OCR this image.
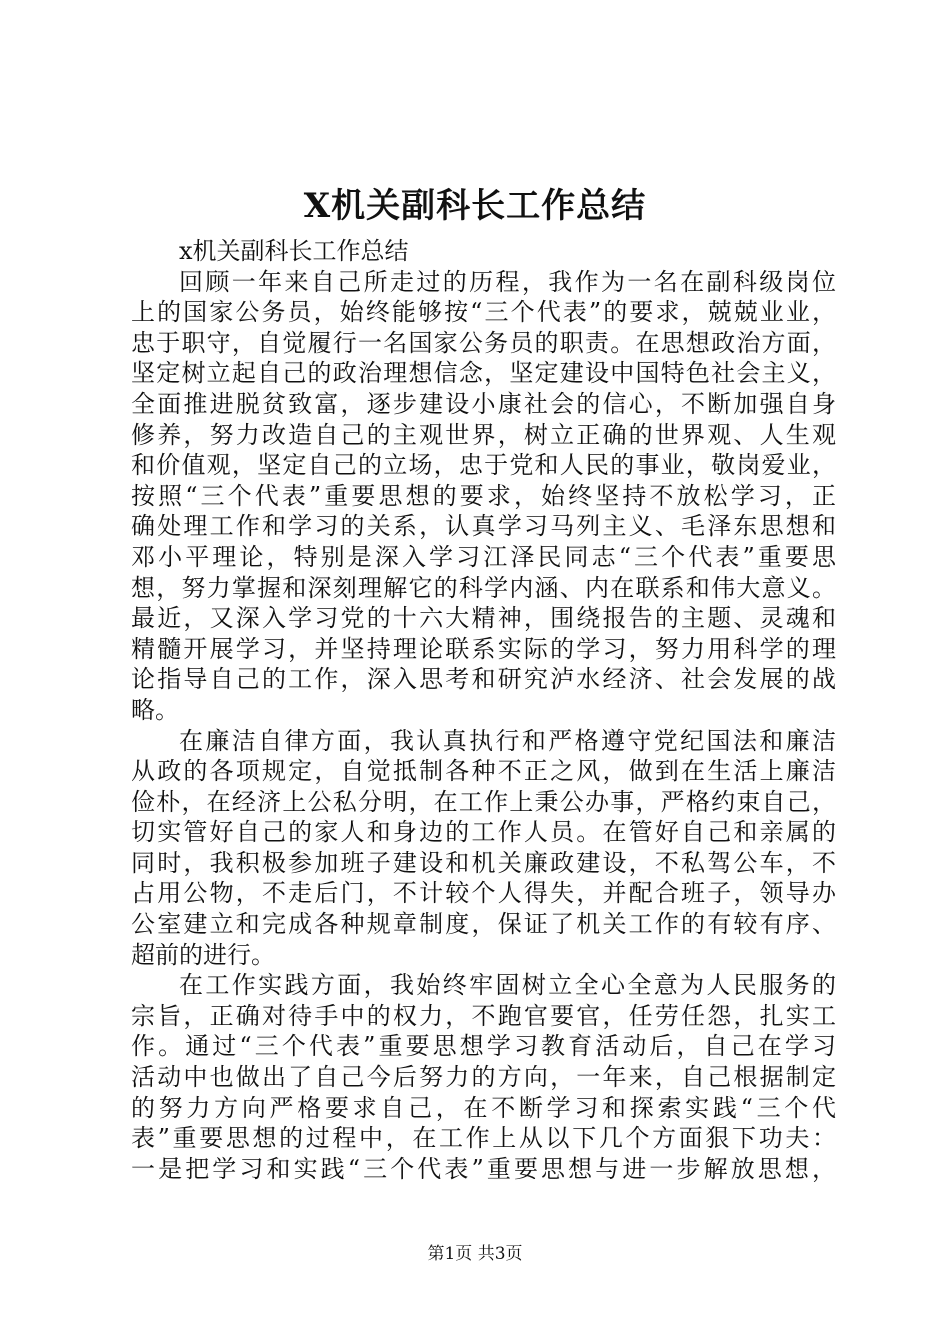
X机关副科长工作总结
x机关副科长工作总结
回顾一年来自己所走过的历程，我作为一名在副科级岗位
上的国家公务员，始终能够按“三个代表”的要求，兢兢业业，
忠于职守，自觉履行一名国家公务员的职责。在思想政治方面，
坚定树立起自己的政治理想信念，坚定建设中国特色社会主义，
全面推进脱贫致富，逐步建设小康社会的信心，不断加强自身
修养，努力改造自己的主观世界，树立正确的世界观、人生观
和价值观，坚定自己的立场，忠于党和人民的事业，敬岗爱业，
按照“三个代表”重要思想的要求，始终坚持不放松学习，正
确处理工作和学习的关系，认真学习马列主义、毛泽东思想和
邓小平理论，特别是深入学习江泽民同志“三个代表”重要思
想，努力掌握和深刻理解它的科学内涵、内在联系和伟大意义。
最近，又深入学习党的十六大精神，围绕报告的主题、灵魂和
精髓开展学习，并坚持理论联系实际的学习，努力用科学的理
论指导自己的工作，深入思考和研究泸水经济、社会发展的战
略。
在廉洁自律方面，我认真执行和严格遵守党纪国法和廉洁
从政的各项规定，自觉抵制各种不正之风，做到在生活上廉洁
俭朴，在经济上公私分明，在工作上秉公办事，严格约束自己，
切实管好自己的家人和身边的工作人员。在管好自己和亲属的
同时，我积极参加班子建设和机关廉政建设，不私驾公车，不
占用公物，不走后门，不计较个人得失，并配合班子，领导办
公室建立和完成各种规章制度，保证了机关工作的有较有序、
超前的进行。
在工作实践方面，我始终牢固树立全心全意为人民服务的
宗旨，正确对待手中的权力，不跑官要官，任劳任怨，扎实工
作。通过“三个代表”重要思想学习教育活动后，自己在学习
活动中也做出了自己今后努力的方向，一年来，自己根据制定
的努力方向严格要求自己，在不断学习和探索实践“三个代
表”重要思想的过程中，在工作上从以下几个方面狠下功夫：
一是把学习和实践“三个代表”重要思想与进一步解放思想，
第1页 共3页
